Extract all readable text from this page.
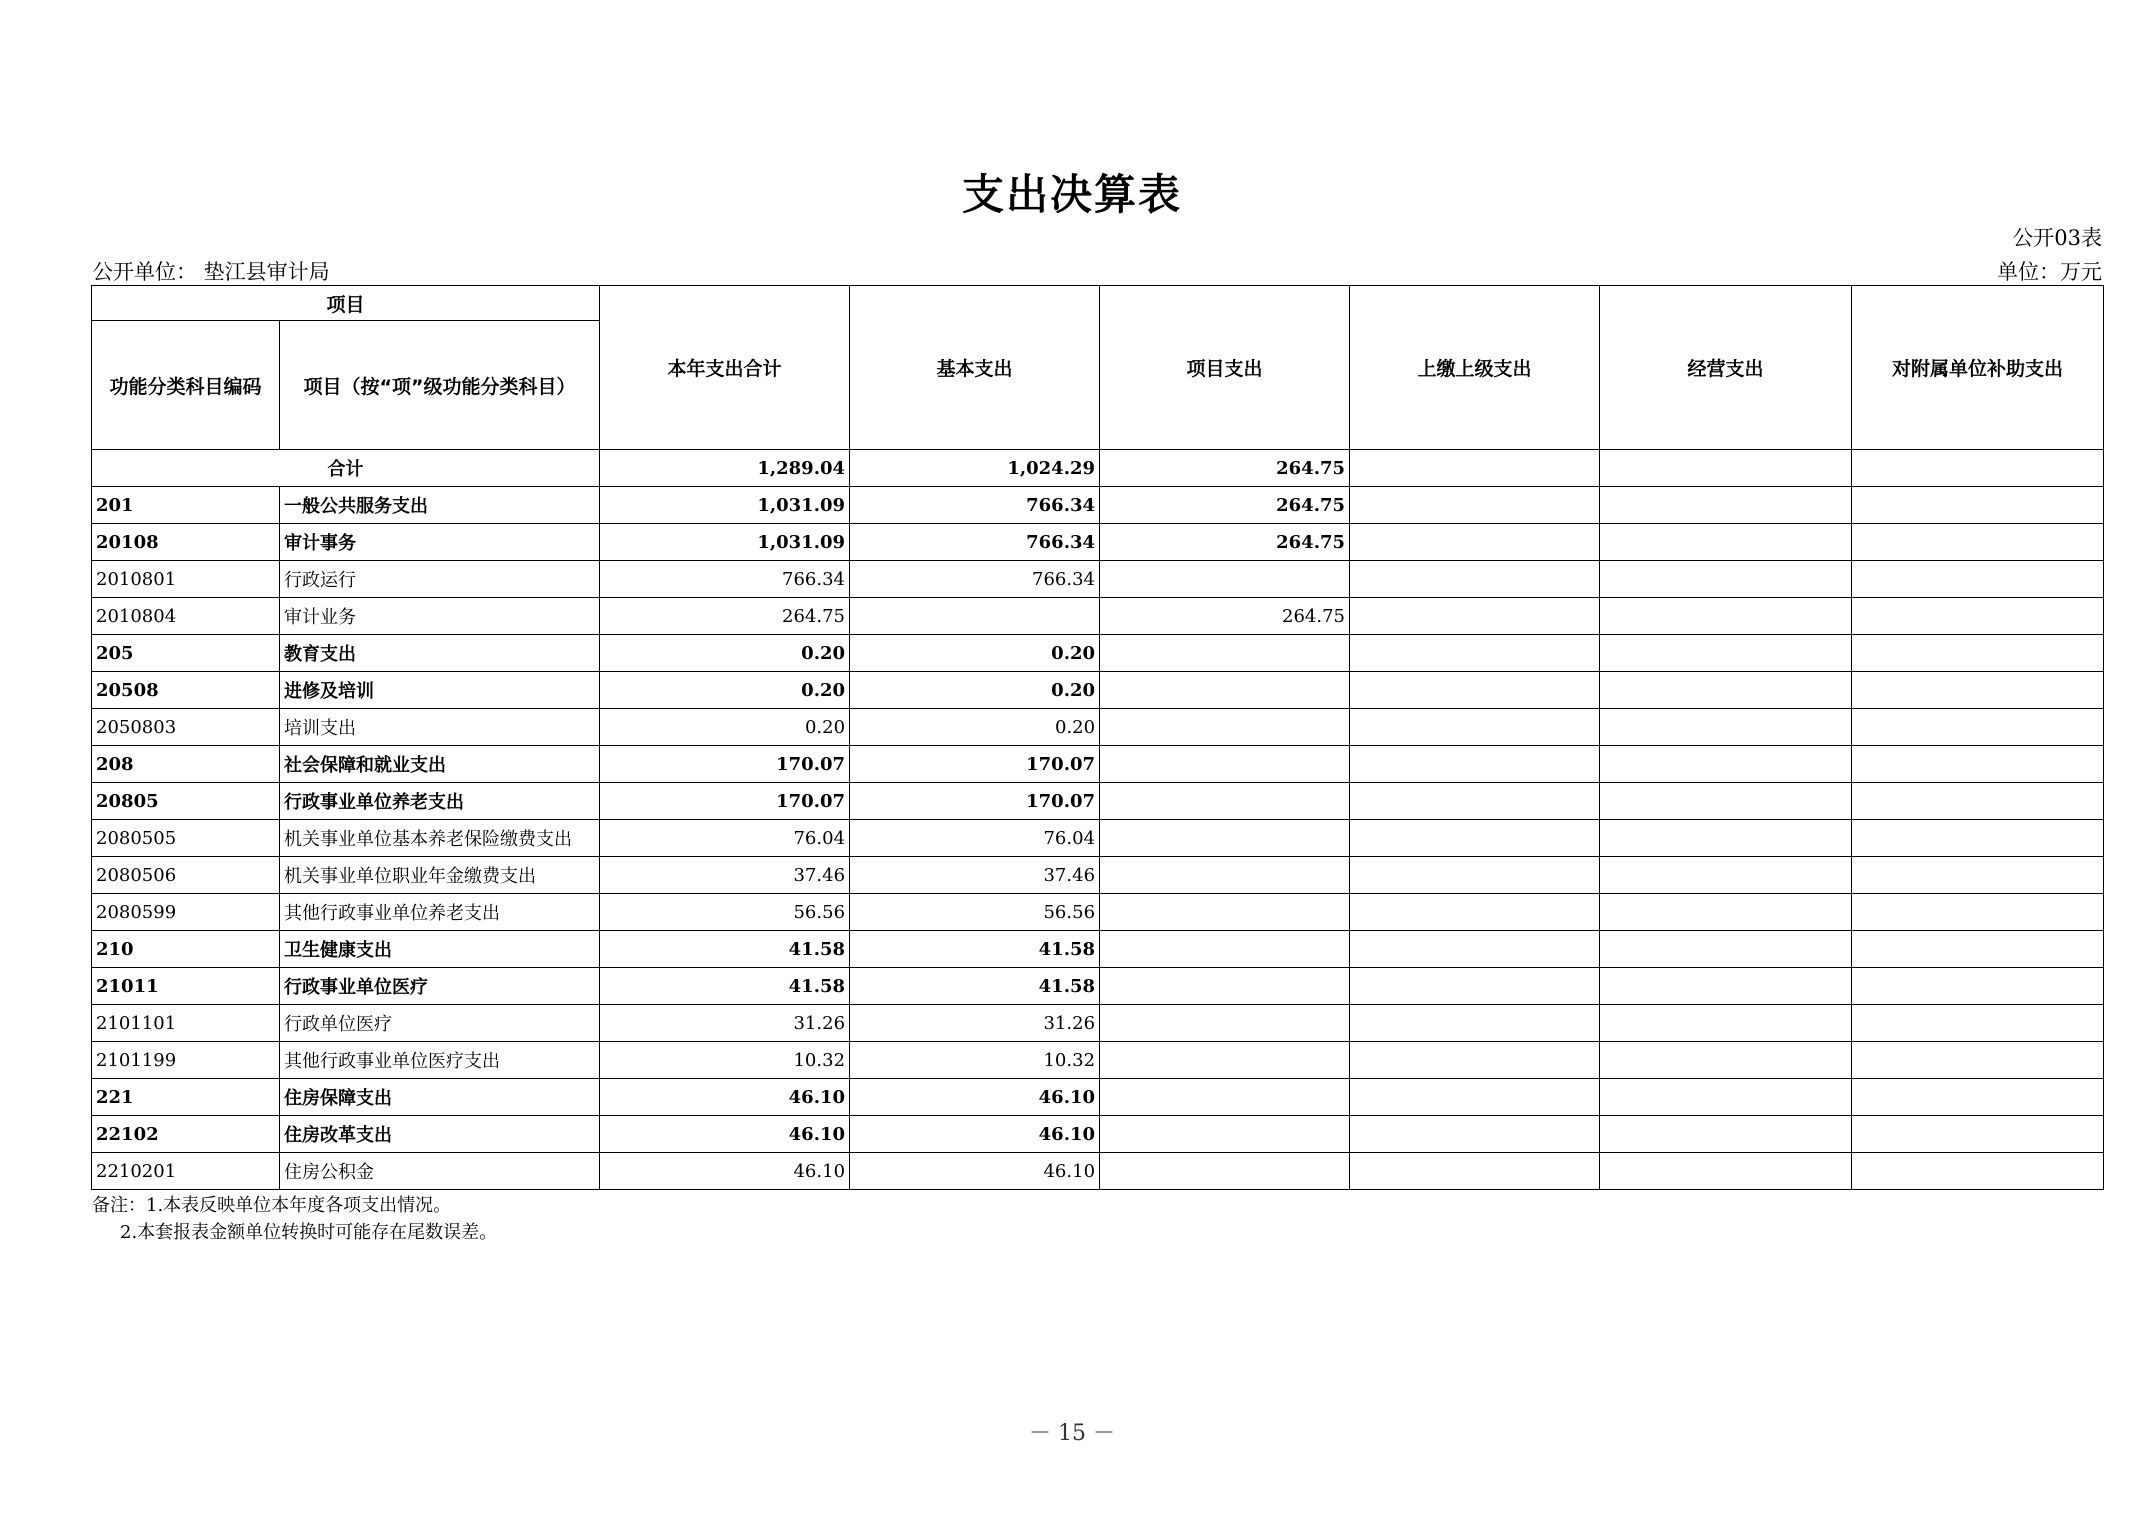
支出决算表
公开03表
公开单位： 垫江县审计局	单位：万元
项目		本年支出合计	基本支出	项目支出	上缴上级支出	经营支出	对附属单位补助支出
功能分类科目编码	项目（按“项”级功能分类科目）						
合计		1,289.04	1,024.29	264.75			
201	一般公共服务支出	1,031.09	766.34	264.75			
20108	审计事务	1,031.09	766.34	264.75			
2010801	行政运行	766.34	766.34				
2010804	审计业务	264.75		264.75			
205	教育支出	0.20	0.20				
20508	进修及培训	0.20	0.20				
2050803	培训支出	0.20	0.20				
208	社会保障和就业支出	170.07	170.07				
20805	行政事业单位养老支出	170.07	170.07				
2080505	机关事业单位基本养老保险缴费支出	76.04	76.04				
2080506	机关事业单位职业年金缴费支出	37.46	37.46				
2080599	其他行政事业单位养老支出	56.56	56.56				
210	卫生健康支出	41.58	41.58				
21011	行政事业单位医疗	41.58	41.58				
2101101	行政单位医疗	31.26	31.26				
2101199	其他行政事业单位医疗支出	10.32	10.32				
221	住房保障支出	46.10	46.10				
22102	住房改革支出	46.10	46.10				
2210201	住房公积金	46.10	46.10				
备注：1.本表反映单位本年度各项支出情况。
2.本套报表金额单位转换时可能存在尾数误差。
－ 15 －
